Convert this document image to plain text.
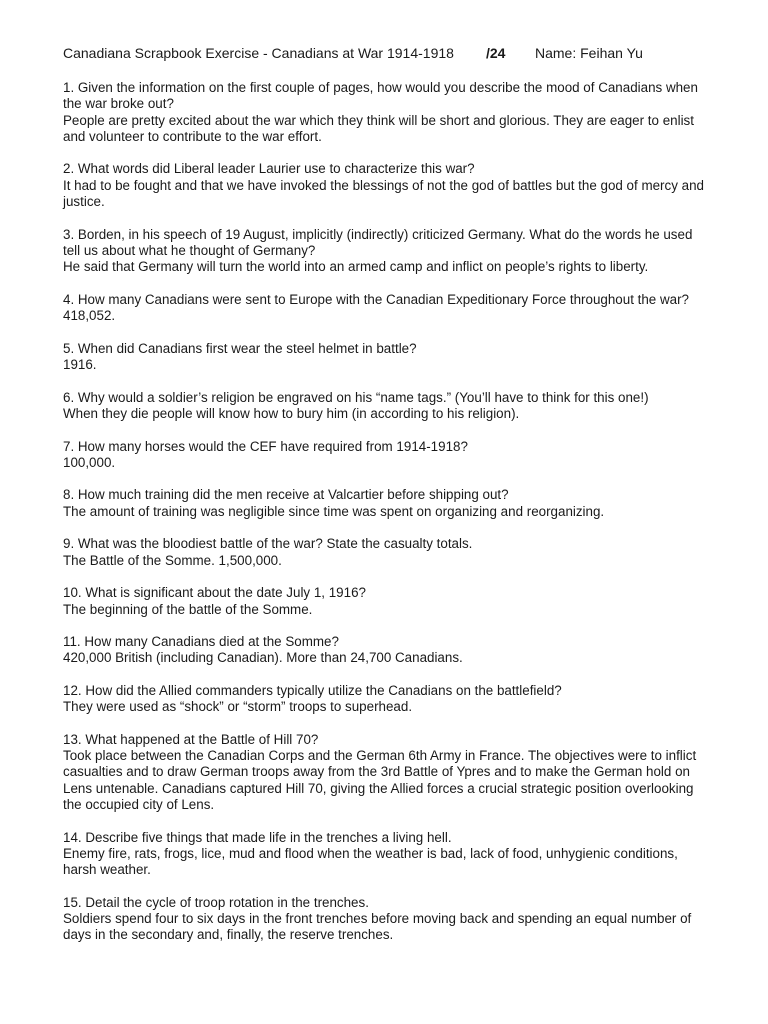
Canadiana Scrapbook Exercise - Canadians at War 1914-1918 /24 Name: Feihan Yu
1. Given the information on the first couple of pages, how would you describe the mood of Canadians when the war broke out?
People are pretty excited about the war which they think will be short and glorious. They are eager to enlist and volunteer to contribute to the war effort.
2. What words did Liberal leader Laurier use to characterize this war?
It had to be fought and that we have invoked the blessings of not the god of battles but the god of mercy and justice.
3. Borden, in his speech of 19 August, implicitly (indirectly) criticized Germany. What do the words he used tell us about what he thought of Germany?
He said that Germany will turn the world into an armed camp and inflict on people’s rights to liberty.
4. How many Canadians were sent to Europe with the Canadian Expeditionary Force throughout the war?
418,052.
5. When did Canadians first wear the steel helmet in battle?
1916.
6. Why would a soldier’s religion be engraved on his “name tags.” (You’ll have to think for this one!)
When they die people will know how to bury him (in according to his religion).
7. How many horses would the CEF have required from 1914-1918?
100,000.
8. How much training did the men receive at Valcartier before shipping out?
The amount of training was negligible since time was spent on organizing and reorganizing.
9. What was the bloodiest battle of the war? State the casualty totals.
The Battle of the Somme. 1,500,000.
10. What is significant about the date July 1, 1916?
The beginning of the battle of the Somme.
11. How many Canadians died at the Somme?
420,000 British (including Canadian). More than 24,700 Canadians.
12. How did the Allied commanders typically utilize the Canadians on the battlefield?
They were used as “shock” or “storm” troops to superhead.
13. What happened at the Battle of Hill 70?
Took place between the Canadian Corps and the German 6th Army in France. The objectives were to inflict casualties and to draw German troops away from the 3rd Battle of Ypres and to make the German hold on Lens untenable. Canadians captured Hill 70, giving the Allied forces a crucial strategic position overlooking the occupied city of Lens.
14. Describe five things that made life in the trenches a living hell.
Enemy fire, rats, frogs, lice, mud and flood when the weather is bad, lack of food, unhygienic conditions, harsh weather.
15. Detail the cycle of troop rotation in the trenches.
Soldiers spend four to six days in the front trenches before moving back and spending an equal number of days in the secondary and, finally, the reserve trenches.
